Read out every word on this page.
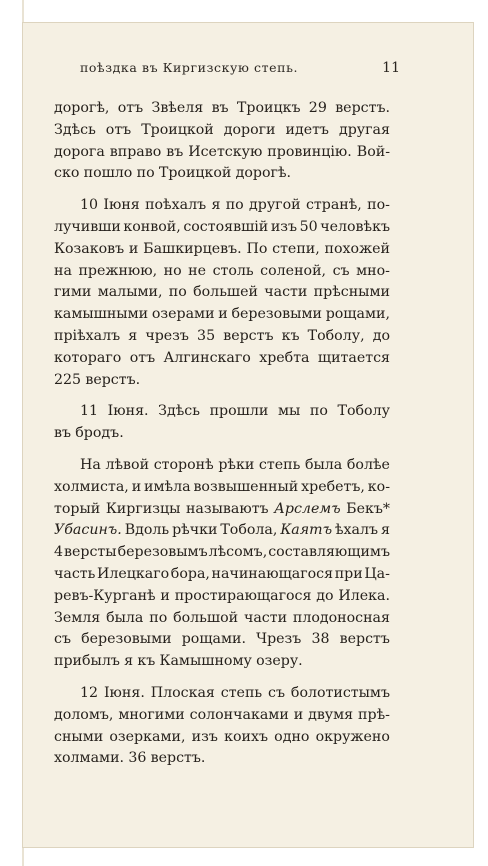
поѣздка въ Киргизскую степь.	11
дорогѣ, отъ Звѣеля въ Троицкъ 29 верстъ.
Здѣсь отъ Троицкой дороги идетъ другая
дорога вправо въ Исетскую провинцію. Вой-
ско пошло по Троицкой дорогѣ.
10 Іюня поѣхалъ я по другой странѣ, по-
лучивши конвой, состоявшій изъ 50 человѣкъ
Козаковъ и Башкирцевъ. По степи, похожей
на прежнюю, но не столь соленой, съ мно-
гими малыми, по большей части прѣсными
камышными озерами и березовыми рощами,
пріѣхалъ я чрезъ 35 верстъ къ Тоболу, до
котораго отъ Алгинскаго хребта щитается
225 верстъ.
11 Іюня. Здѣсь прошли мы по Тоболу
въ бродъ.
На лѣвой сторонѣ рѣки степь была болѣе
холмиста, и имѣла возвышенный хребетъ, ко-
торый Киргизцы называютъ Арслемъ Бекъ*
Убасинъ. Вдоль рѣчки Тобола, Каятъ ѣхалъ я
4 версты березовымъ лѣсомъ, составляющимъ
часть Илецкаго бора, начинающагося при Ца-
ревъ-Курганѣ и простирающагося до Илека.
Земля была по большой части плодоносная
съ березовыми рощами. Чрезъ 38 верстъ
прибылъ я къ Камышному озеру.
12 Іюня. Плоская степь съ болотистымъ
доломъ, многими солончаками и двумя прѣ-
сными озерками, изъ коихъ одно окружено
холмами. 36 верстъ.
